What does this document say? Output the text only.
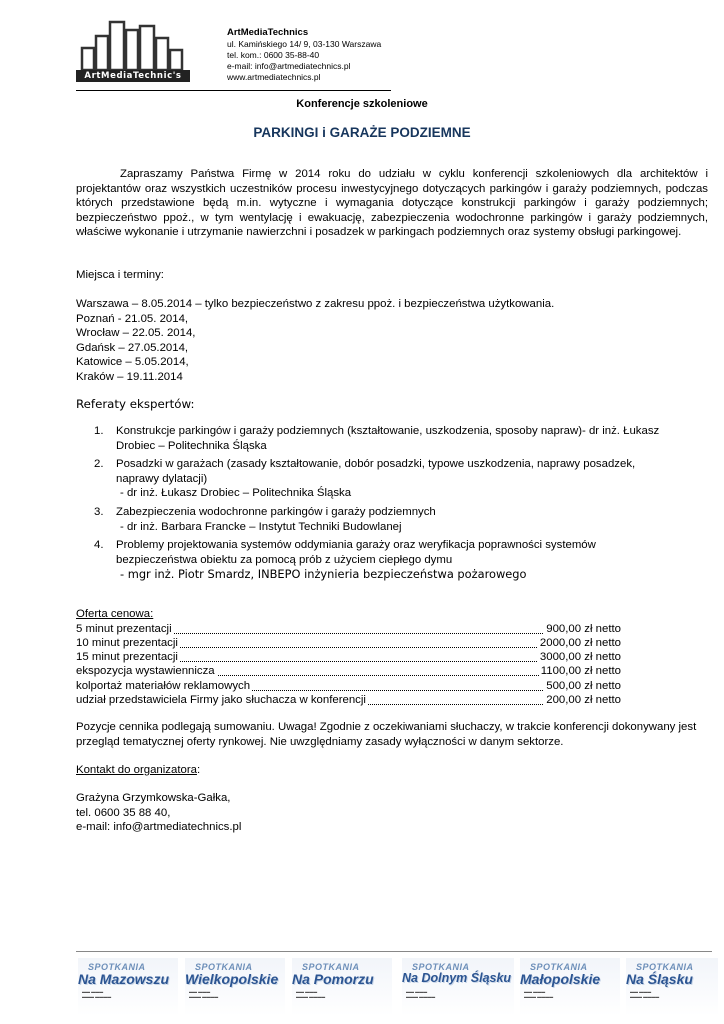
ArtMediaTechnic's
ArtMediaTechnics
ul. Kamińskiego 14/ 9, 03-130 Warszawa
tel. kom.: 0600 35-88-40
e-mail: info@artmediatechnics.pl
www.artmediatechnics.pl
Konferencje szkoleniowe
PARKINGI i GARAŻE PODZIEMNE
Zapraszamy Państwa Firmę w 2014 roku do udziału w cyklu konferencji szkoleniowych dla architektów i projektantów oraz wszystkich uczestników procesu inwestycyjnego dotyczących parkingów i garaży podziemnych, podczas których przedstawione będą m.in. wytyczne i wymagania dotyczące konstrukcji parkingów i garaży podziemnych; bezpieczeństwo ppoż., w tym wentylację i ewakuację, zabezpieczenia wodochronne parkingów i garaży podziemnych, właściwe wykonanie i utrzymanie nawierzchni i posadzek w parkingach podziemnych oraz systemy obsługi parkingowej.
Miejsca i terminy:
Warszawa – 8.05.2014 – tylko bezpieczeństwo z zakresu ppoż. i bezpieczeństwa użytkowania.
Poznań - 21.05. 2014,
Wrocław – 22.05. 2014,
Gdańsk – 27.05.2014,
Katowice – 5.05.2014,
Kraków – 19.11.2014
Referaty ekspertów:
1. Konstrukcje parkingów i garaży podziemnych (kształtowanie, uszkodzenia, sposoby napraw)- dr inż. Łukasz
Drobiec – Politechnika Śląska
2. Posadzki w garażach (zasady kształtowanie, dobór posadzki, typowe uszkodzenia, naprawy posadzek,
naprawy dylatacji)
- dr inż. Łukasz Drobiec – Politechnika Śląska
3. Zabezpieczenia wodochronne parkingów i garaży podziemnych
- dr inż. Barbara Francke – Instytut Techniki Budowlanej
4. Problemy projektowania systemów oddymiania garaży oraz weryfikacja poprawności systemów
bezpieczeństwa obiektu za pomocą prób z użyciem ciepłego dymu
- mgr inż. Piotr Smardz, INBEPO inżynieria bezpieczeństwa pożarowego
Oferta cenowa:
5 minut prezentacji	900,00 zł netto
10 minut prezentacji	2000,00 zł netto
15 minut prezentacji	3000,00 zł netto
ekspozycja wystawiennicza	1100,00 zł netto
kolportaż materiałów reklamowych	500,00 zł netto
udział przedstawiciela Firmy jako słuchacza w konferencji	200,00 zł netto
Pozycje cennika podlegają sumowaniu. Uwaga! Zgodnie z oczekiwaniami słuchaczy, w trakcie konferencji dokonywany jest przegląd tematycznej oferty rynkowej. Nie uwzględniamy zasady wyłączności w danym sektorze.
Kontakt do organizatora:
Grażyna Grzymkowska-Gałka,
tel. 0600 35 88 40,
e-mail: info@artmediatechnics.pl
SPOTKANIA
Na Mazowszu
▬▬ ▬▬▬
▬▬▬ ▬▬▬▬
SPOTKANIA
Wielkopolskie
▬▬ ▬▬▬
▬▬▬ ▬▬▬▬
SPOTKANIA
Na Pomorzu
▬▬ ▬▬▬
▬▬▬ ▬▬▬▬
SPOTKANIA
Na Dolnym Śląsku
▬▬ ▬▬▬
▬▬▬ ▬▬▬▬
SPOTKANIA
Małopolskie
▬▬ ▬▬▬
▬▬▬ ▬▬▬▬
SPOTKANIA
Na Śląsku
▬▬ ▬▬▬
▬▬▬ ▬▬▬▬
